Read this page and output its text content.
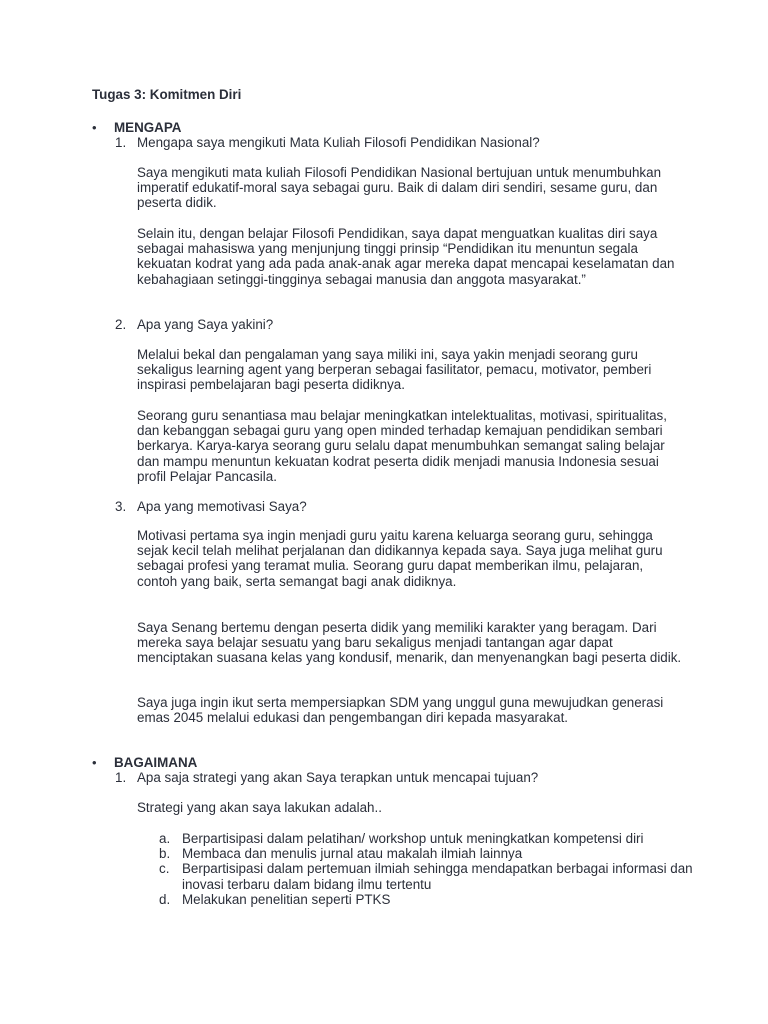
Tugas 3: Komitmen Diri
• MENGAPA
1. Mengapa saya mengikuti Mata Kuliah Filosofi Pendidikan Nasional?

Saya mengikuti mata kuliah Filosofi Pendidikan Nasional bertujuan untuk menumbuhkan imperatif edukatif-moral saya sebagai guru. Baik di dalam diri sendiri, sesame guru, dan peserta didik.

Selain itu, dengan belajar Filosofi Pendidikan, saya dapat menguatkan kualitas diri saya sebagai mahasiswa yang menjunjung tinggi prinsip “Pendidikan itu menuntun segala kekuatan kodrat yang ada pada anak-anak agar mereka dapat mencapai keselamatan dan kebahagiaan setinggi-tingginya sebagai manusia dan anggota masyarakat.”

2. Apa yang Saya yakini?

Melalui bekal dan pengalaman yang saya miliki ini, saya yakin menjadi seorang guru sekaligus learning agent yang berperan sebagai fasilitator, pemacu, motivator, pemberi inspirasi pembelajaran bagi peserta didiknya.

Seorang guru senantiasa mau belajar meningkatkan intelektualitas, motivasi, spiritualitas, dan kebanggan sebagai guru yang open minded terhadap kemajuan pendidikan sembari berkarya. Karya-karya seorang guru selalu dapat menumbuhkan semangat saling belajar dan mampu menuntun kekuatan kodrat peserta didik menjadi manusia Indonesia sesuai profil Pelajar Pancasila.

3. Apa yang memotivasi Saya?

Motivasi pertama sya ingin menjadi guru yaitu karena keluarga seorang guru, sehingga sejak kecil telah melihat perjalanan dan didikannya kepada saya. Saya juga melihat guru sebagai profesi yang teramat mulia. Seorang guru dapat memberikan ilmu, pelajaran, contoh yang baik, serta semangat bagi anak didiknya.

Saya Senang bertemu dengan peserta didik yang memiliki karakter yang beragam. Dari mereka saya belajar sesuatu yang baru sekaligus menjadi tantangan agar dapat menciptakan suasana kelas yang kondusif, menarik, dan menyenangkan bagi peserta didik.

Saya juga ingin ikut serta mempersiapkan SDM yang unggul guna mewujudkan generasi emas 2045 melalui edukasi dan pengembangan diri kepada masyarakat.

• BAGAIMANA
1. Apa saja strategi yang akan Saya terapkan untuk mencapai tujuan?

Strategi yang akan saya lakukan adalah..

a. Berpartisipasi dalam pelatihan/ workshop untuk meningkatkan kompetensi diri
b. Membaca dan menulis jurnal atau makalah ilmiah lainnya
c. Berpartisipasi dalam pertemuan ilmiah sehingga mendapatkan berbagai informasi dan inovasi terbaru dalam bidang ilmu tertentu
d. Melakukan penelitian seperti PTKS
